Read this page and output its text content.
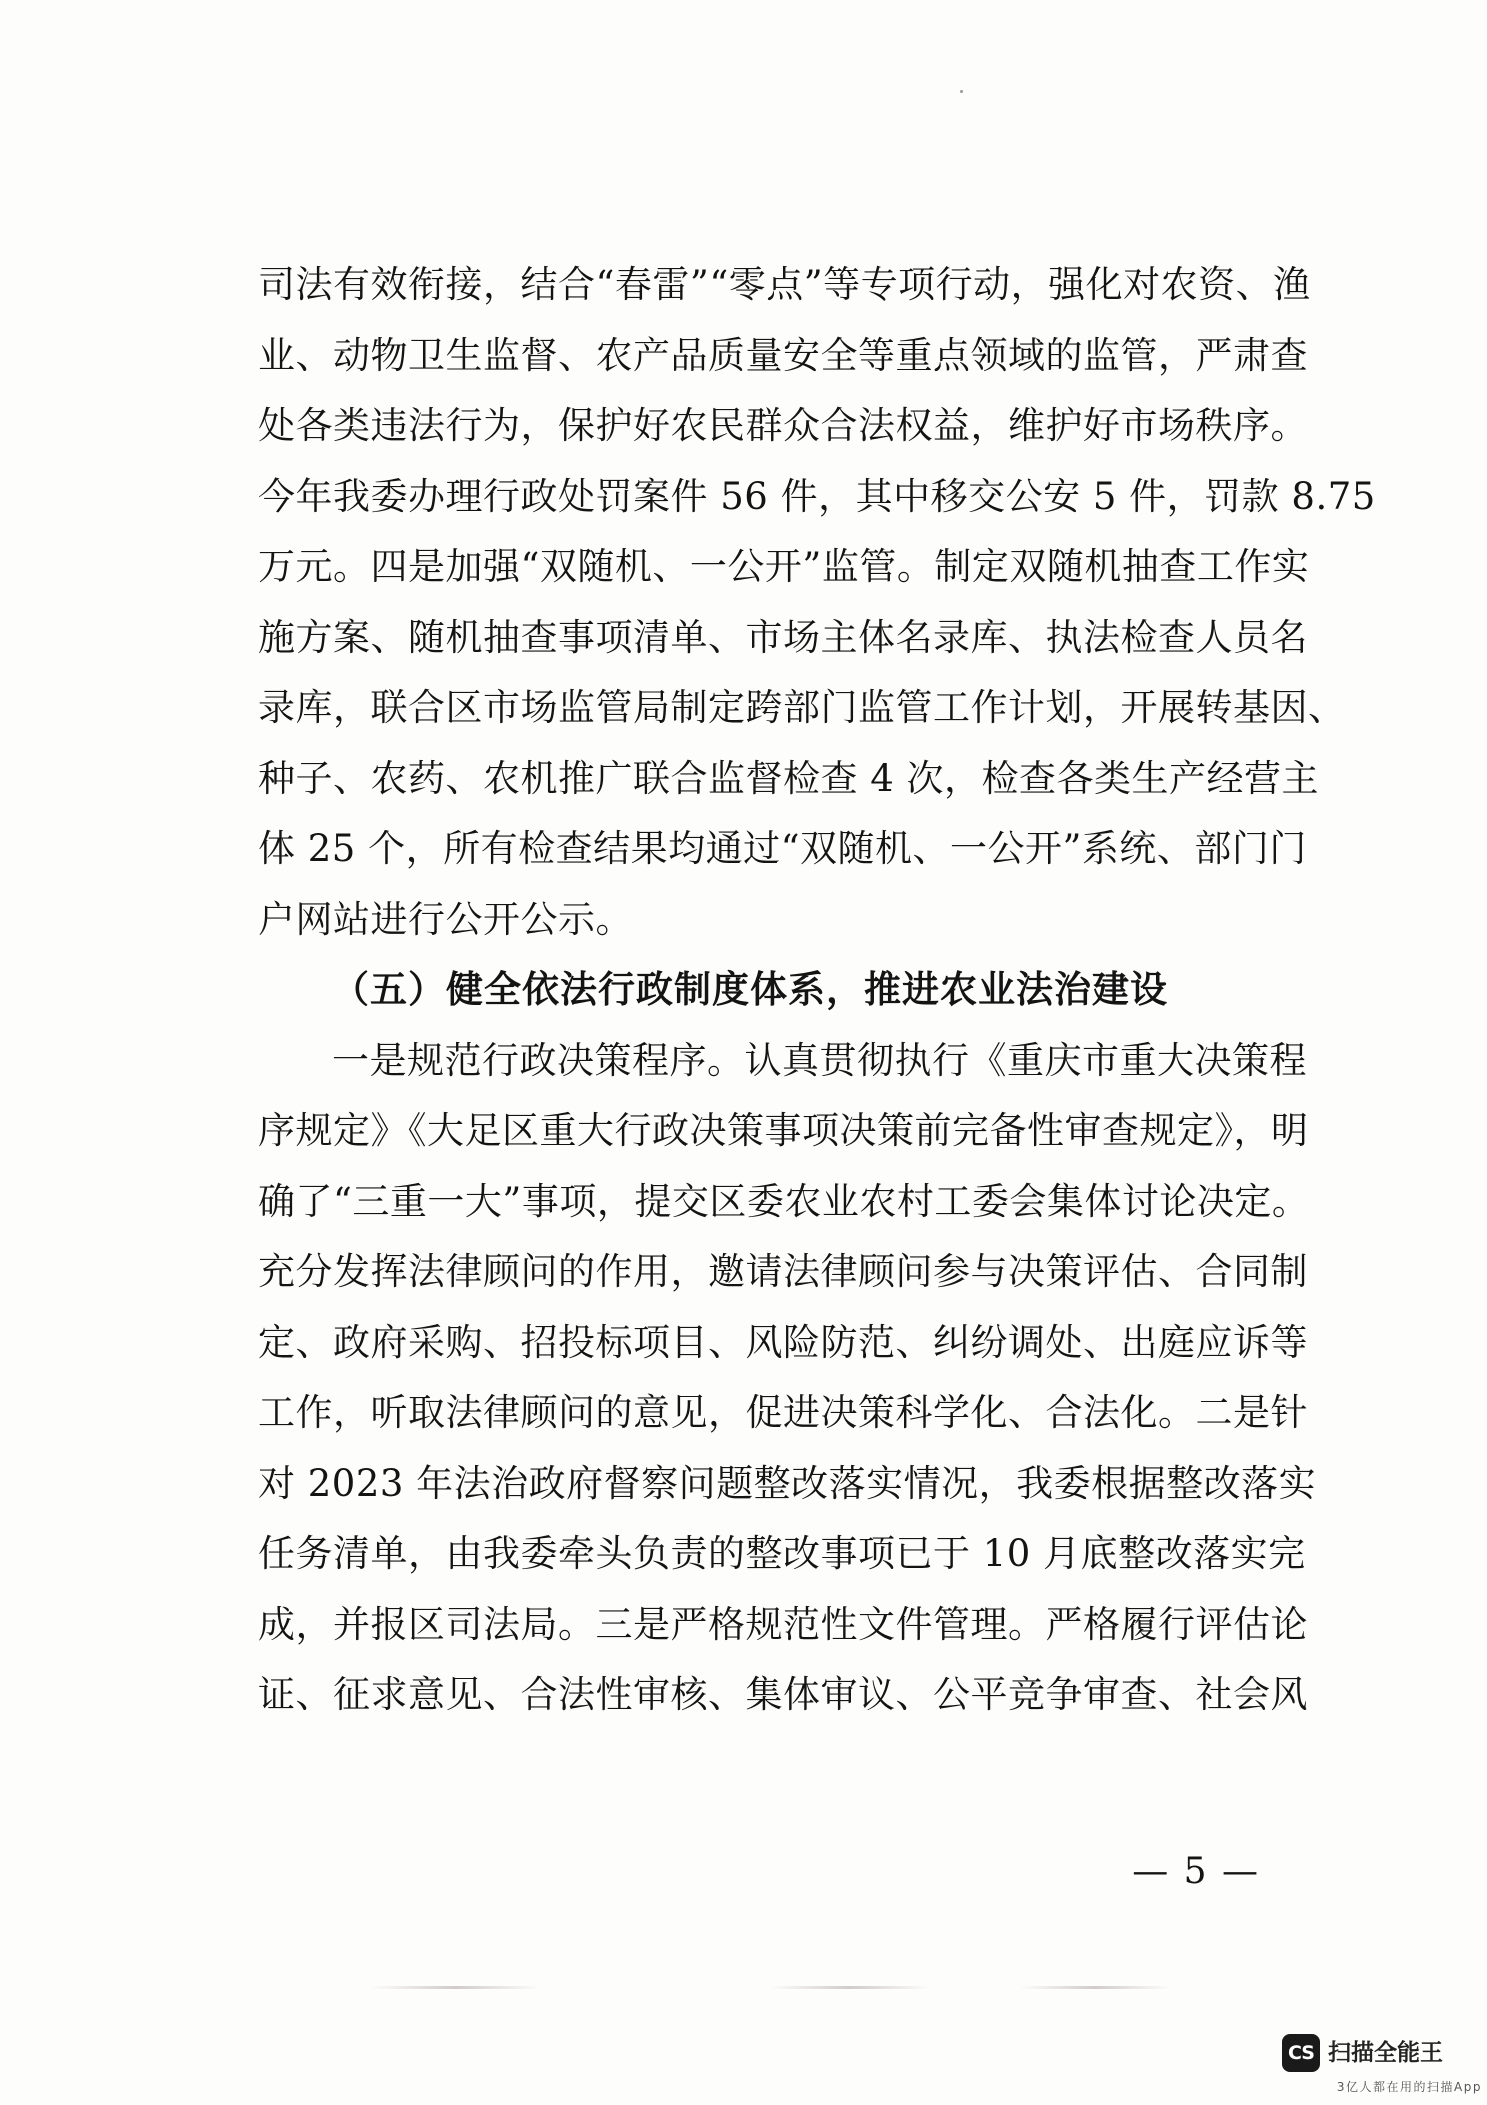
司法有效衔接，结合“春雷”“零点”等专项行动，强化对农资、渔
业、动物卫生监督、农产品质量安全等重点领域的监管，严肃查
处各类违法行为，保护好农民群众合法权益，维护好市场秩序。
今年我委办理行政处罚案件 56 件，其中移交公安 5 件，罚款 8.75
万元。四是加强“双随机、一公开”监管。制定双随机抽查工作实
施方案、随机抽查事项清单、市场主体名录库、执法检查人员名
录库，联合区市场监管局制定跨部门监管工作计划，开展转基因、
种子、农药、农机推广联合监督检查 4 次，检查各类生产经营主
体 25 个，所有检查结果均通过“双随机、一公开”系统、部门门
户网站进行公开公示。
（五）健全依法行政制度体系，推进农业法治建设
一是规范行政决策程序。认真贯彻执行《重庆市重大决策程
序规定》《大足区重大行政决策事项决策前完备性审查规定》，明
确了“三重一大”事项，提交区委农业农村工委会集体讨论决定。
充分发挥法律顾问的作用，邀请法律顾问参与决策评估、合同制
定、政府采购、招投标项目、风险防范、纠纷调处、出庭应诉等
工作，听取法律顾问的意见，促进决策科学化、合法化。二是针
对 2023 年法治政府督察问题整改落实情况，我委根据整改落实
任务清单，由我委牵头负责的整改事项已于 10 月底整改落实完
成，并报区司法局。三是严格规范性文件管理。严格履行评估论
证、征求意见、合法性审核、集体审议、公平竞争审查、社会风
— 5 —
CS 扫描全能王
3亿人都在用的扫描App
